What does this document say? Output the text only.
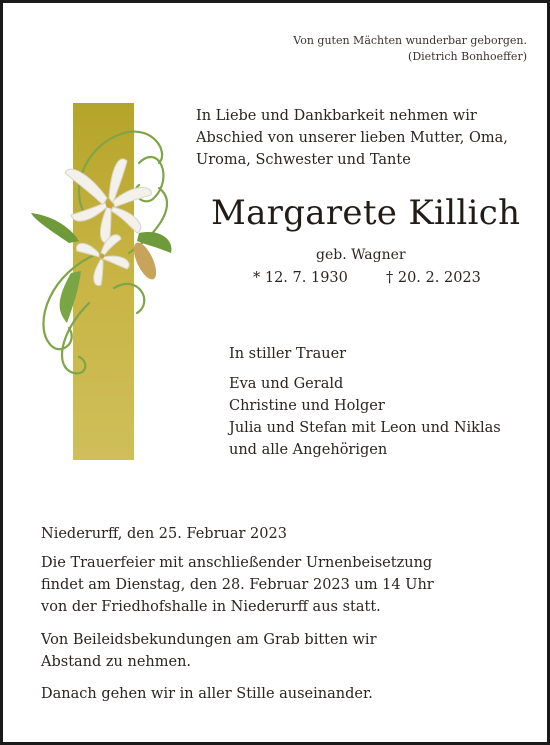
Von guten Mächten wunderbar geborgen.
(Dietrich Bonhoeffer)
In Liebe und Dankbarkeit nehmen wir
Abschied von unserer lieben Mutter, Oma,
Uroma, Schwester und Tante
Margarete Killich
geb. Wagner
* 12. 7. 1930	† 20. 2. 2023
In stiller Trauer
Eva und Gerald
Christine und Holger
Julia und Stefan mit Leon und Niklas
und alle Angehörigen
Niederurff, den 25. Februar 2023
Die Trauerfeier mit anschließender Urnenbeisetzung
findet am Dienstag, den 28. Februar 2023 um 14 Uhr
von der Friedhofshalle in Niederurff aus statt.
Von Beileidsbekundungen am Grab bitten wir
Abstand zu nehmen.
Danach gehen wir in aller Stille auseinander.
